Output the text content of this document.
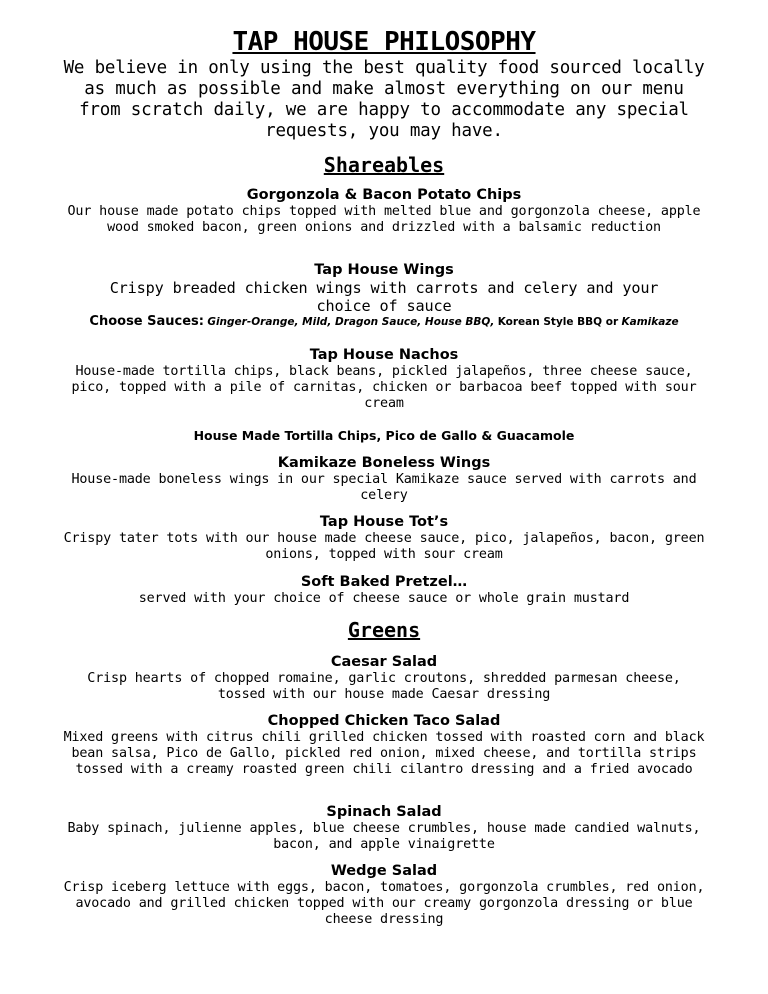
TAP HOUSE PHILOSOPHY
We believe in only using the best quality food sourced locally as much as possible and make almost everything on our menu from scratch daily, we are happy to accommodate any special requests, you may have.
Shareables
Gorgonzola & Bacon Potato Chips
Our house made potato chips topped with melted blue and gorgonzola cheese, apple wood smoked bacon, green onions and drizzled with a balsamic reduction
Tap House Wings
Crispy breaded chicken wings with carrots and celery and your choice of sauce
Choose Sauces: Ginger-Orange, Mild, Dragon Sauce, House BBQ, Korean Style BBQ or Kamikaze
Tap House Nachos
House-made tortilla chips, black beans, pickled jalapeños, three cheese sauce, pico, topped with a pile of carnitas, chicken or barbacoa beef topped with sour cream
House Made Tortilla Chips, Pico de Gallo & Guacamole
Kamikaze Boneless Wings
House-made boneless wings in our special Kamikaze sauce served with carrots and celery
Tap House Tot’s
Crispy tater tots with our house made cheese sauce, pico, jalapeños, bacon, green onions, topped with sour cream
Soft Baked Pretzel…
served with your choice of cheese sauce or whole grain mustard
Greens
Caesar Salad
Crisp hearts of chopped romaine, garlic croutons, shredded parmesan cheese, tossed with our house made Caesar dressing
Chopped Chicken Taco Salad
Mixed greens with citrus chili grilled chicken tossed with roasted corn and black bean salsa, Pico de Gallo, pickled red onion, mixed cheese, and tortilla strips tossed with a creamy roasted green chili cilantro dressing and a fried avocado
Spinach Salad
Baby spinach, julienne apples, blue cheese crumbles, house made candied walnuts, bacon, and apple vinaigrette
Wedge Salad
Crisp iceberg lettuce with eggs, bacon, tomatoes, gorgonzola crumbles, red onion, avocado and grilled chicken topped with our creamy gorgonzola dressing or blue cheese dressing
